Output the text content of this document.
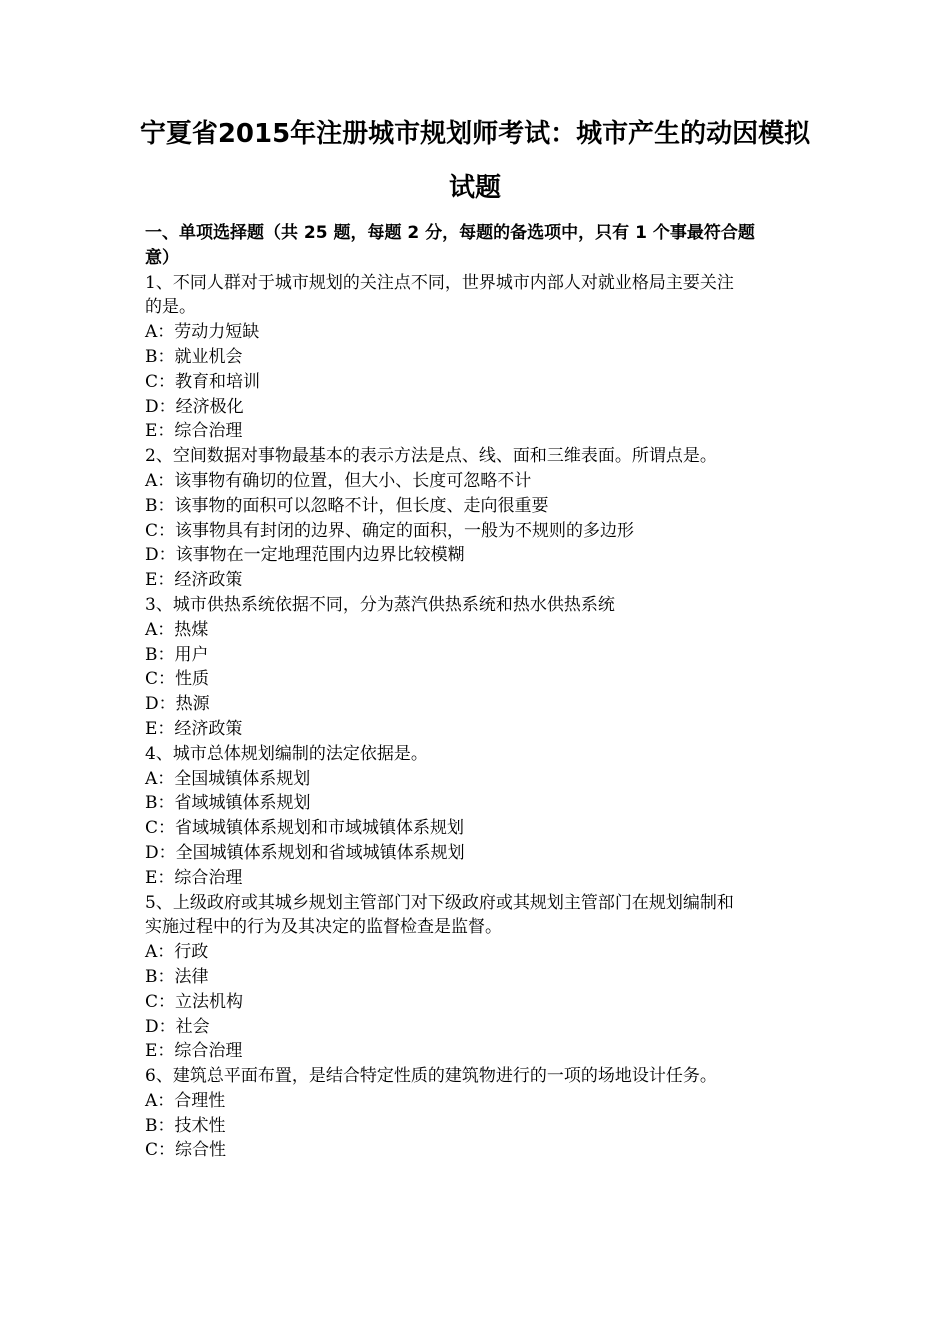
宁夏省2015年注册城市规划师考试：城市产生的动因模拟
试题

一、单项选择题（共 25 题，每题 2 分，每题的备选项中，只有 1 个事最符合题

意）

1、不同人群对于城市规划的关注点不同，世界城市内部人对就业格局主要关注

的是。

A：劳动力短缺

B：就业机会

C：教育和培训

D：经济极化

E：综合治理

2、空间数据对事物最基本的表示方法是点、线、面和三维表面。所谓点是。

A：该事物有确切的位置，但大小、长度可忽略不计

B：该事物的面积可以忽略不计，但长度、走向很重要

C：该事物具有封闭的边界、确定的面积，一般为不规则的多边形

D：该事物在一定地理范围内边界比较模糊

E：经济政策

3、城市供热系统依据不同，分为蒸汽供热系统和热水供热系统

A：热煤

B：用户

C：性质

D：热源

E：经济政策

4、城市总体规划编制的法定依据是。

A：全国城镇体系规划

B：省域城镇体系规划

C：省域城镇体系规划和市域城镇体系规划

D：全国城镇体系规划和省域城镇体系规划

E：综合治理

5、上级政府或其城乡规划主管部门对下级政府或其规划主管部门在规划编制和

实施过程中的行为及其决定的监督检查是监督。

A：行政

B：法律

C：立法机构

D：社会

E：综合治理

6、建筑总平面布置，是结合特定性质的建筑物进行的一项的场地设计任务。

A：合理性

B：技术性

C：综合性
